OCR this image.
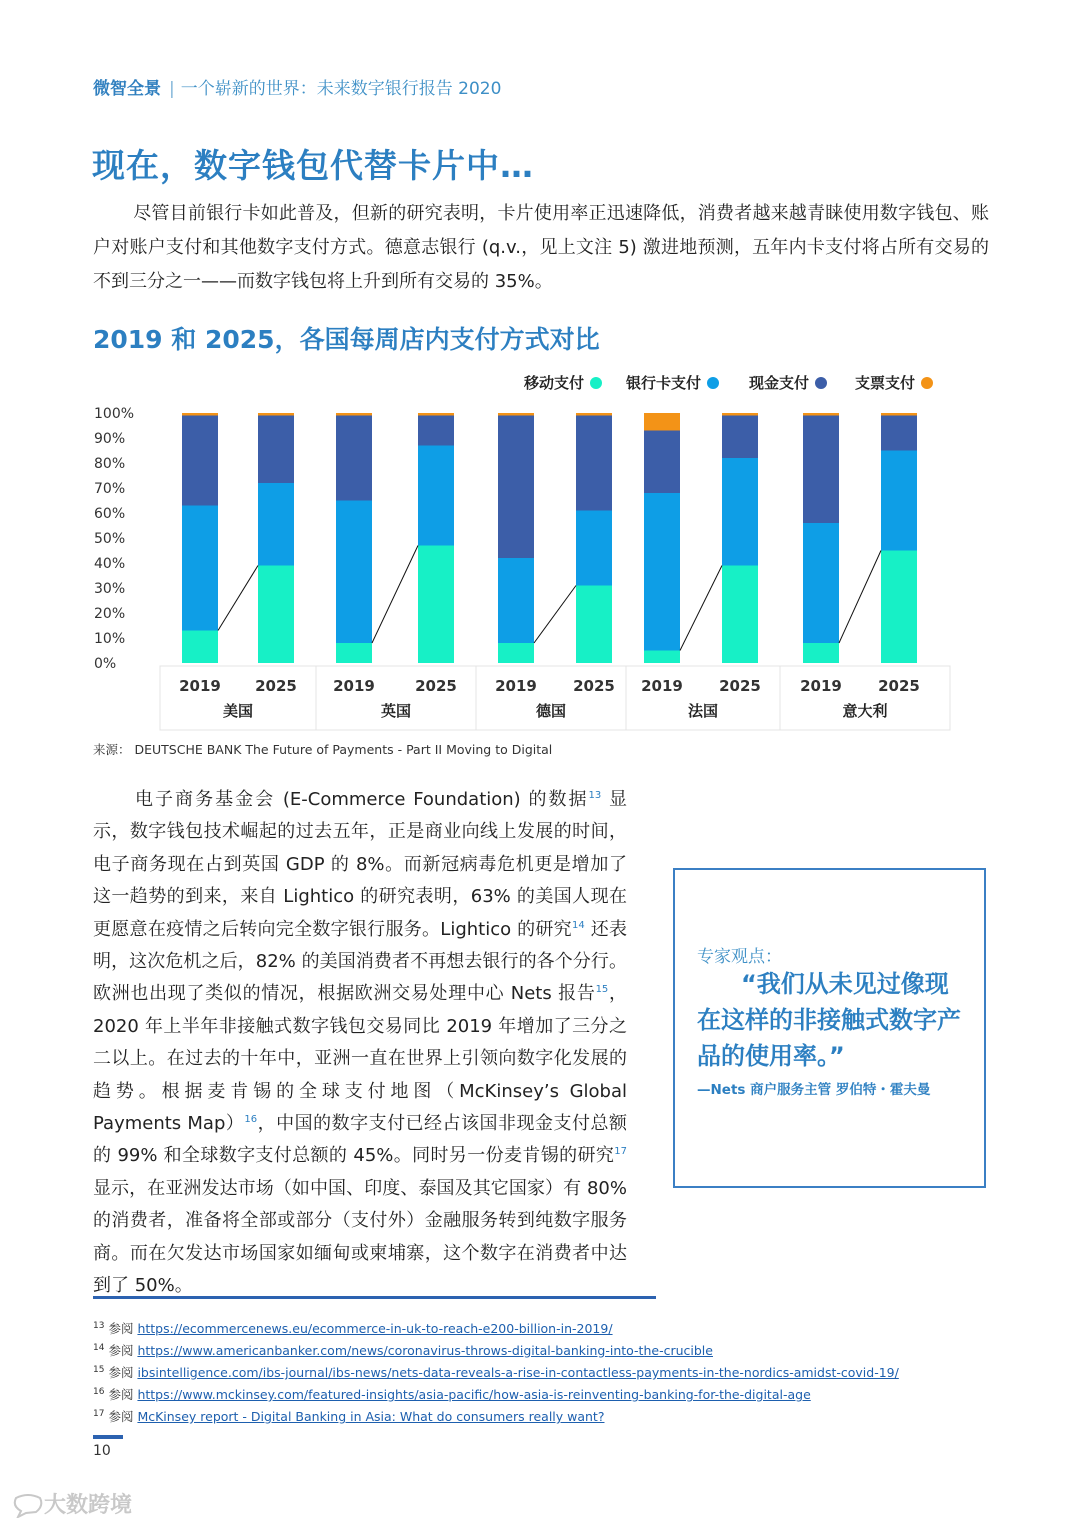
微智全景 | 一个崭新的世界：未来数字银行报告 2020
现在，数字钱包代替卡片中…
尽管目前银行卡如此普及，但新的研究表明，卡片使用率正迅速降低，消费者越来越青睐使用数字钱包、账户对账户支付和其他数字支付方式。德意志银行 (q.v.，见上文注 5) 激进地预测，五年内卡支付将占所有交易的不到三分之一——而数字钱包将上升到所有交易的 35%。
2019 和 2025，各国每周店内支付方式对比
移动支付	银行卡支付	现金支付	支票支付
0%
10%
20%
30%
40%
50%
60%
70%
80%
90%
100%
2019 2025
美国
2019	2025
英国
2019 2025
德国
2019 2025
法国
2019 2025
意大利
来源： DEUTSCHE BANK The Future of Payments - Part II Moving to Digital
电子商务基金会 (E-Commerce Foundation) 的数据$^{13}$ 显示，数字钱包技术崛起的过去五年，正是商业向线上发展的时间，电子商务现在占到英国 GDP 的 8%。而新冠病毒危机更是增加了这一趋势的到来，来自 Lightico 的研究表明，63% 的美国人现在更愿意在疫情之后转向完全数字银行服务。Lightico 的研究$^{14}$ 还表明，这次危机之后，82% 的美国消费者不再想去银行的各个分行。欧洲也出现了类似的情况，根据欧洲交易处理中心 Nets 报告$^{15}$，2020 年上半年非接触式数字钱包交易同比 2019 年增加了三分之二以上。在过去的十年中，亚洲一直在世界上引领向数字化发展的趋势。根据麦肯锡的全球支付地图（McKinsey’s Global Payments Map）$^{16}$，中国的数字支付已经占该国非现金支付总额的 99% 和全球数字支付总额的 45%。同时另一份麦肯锡的研究$^{17}$ 显示，在亚洲发达市场（如中国、印度、泰国及其它国家）有 80% 的消费者，准备将全部或部分（支付外）金融服务转到纯数字服务商。而在欠发达市场国家如缅甸或柬埔寨，这个数字在消费者中达到了 50%。
专家观点：
“我们从未见过像现在这样的非接触式数字产品的使用率。”
—Nets 商户服务主管 罗伯特・霍夫曼
$^{13}$ 参阅 https://ecommercenews.eu/ecommerce-in-uk-to-reach-e200-billion-in-2019/
$^{14}$ 参阅 https://www.americanbanker.com/news/coronavirus-throws-digital-banking-into-the-crucible
$^{15}$ 参阅 ibsintelligence.com/ibs-journal/ibs-news/nets-data-reveals-a-rise-in-contactless-payments-in-the-nordics-amidst-covid-19/
$^{16}$ 参阅 https://www.mckinsey.com/featured-insights/asia-pacific/how-asia-is-reinventing-banking-for-the-digital-age
$^{17}$ 参阅 McKinsey report - Digital Banking in Asia: What do consumers really want?
10
大数跨境
